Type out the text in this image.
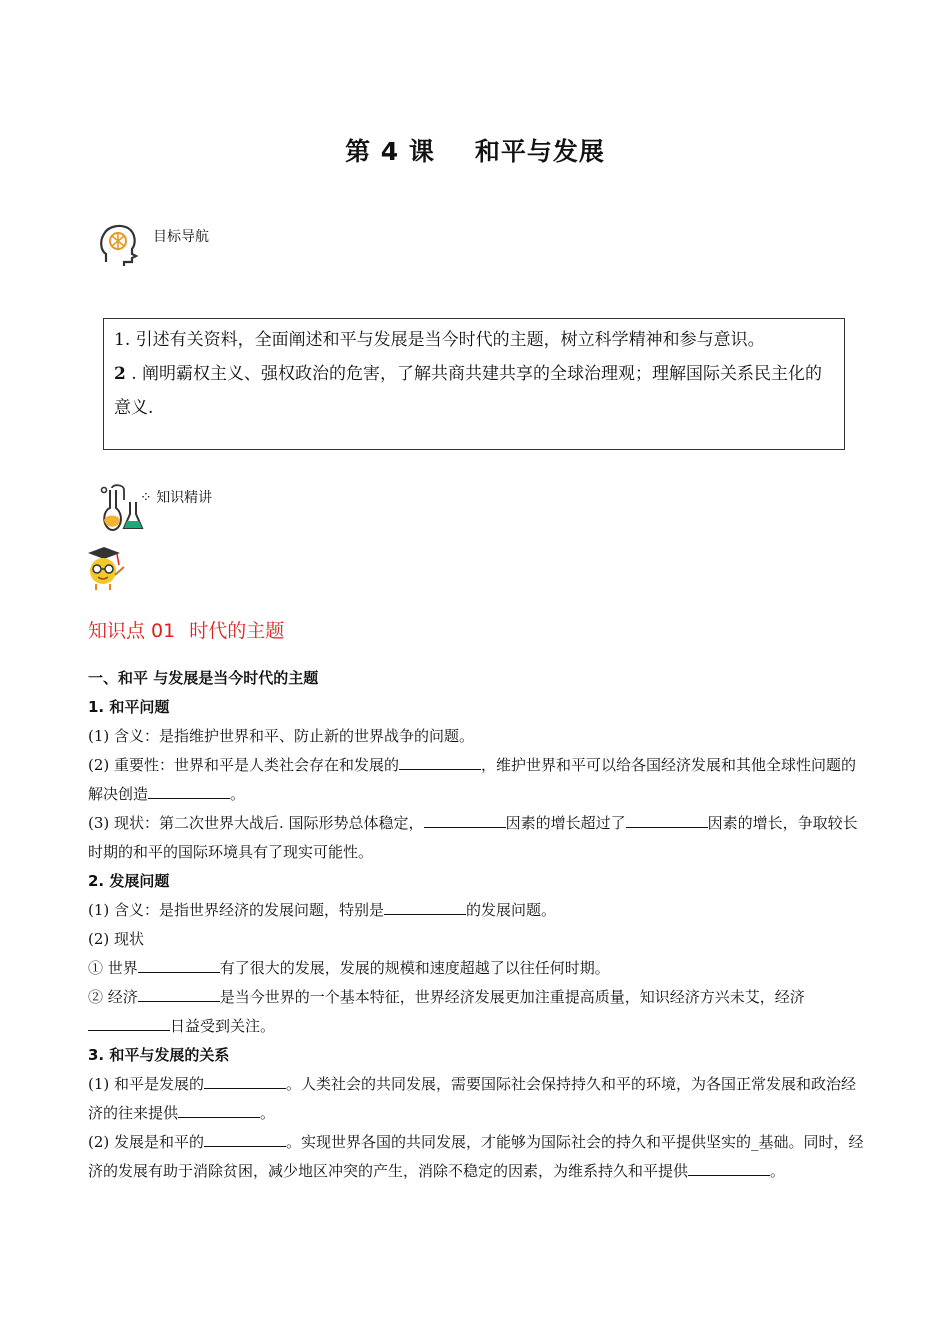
第 4 课 和平与发展
目标导航

1. 引述有关资料，全面阐述和平与发展是当今时代的主题，树立科学精神和参与意识。

2 . 阐明霸权主义、强权政治的危害，了解共商共建共享的全球治理观；理解国际关系民主化的意义.

⁘ 知识精讲
知识点 01 时代的主题

一、和平 与发展是当今时代的主题

1. 和平问题

(1) 含义：是指维护世界和平、防止新的世界战争的问题。

(2) 重要性：世界和平是人类社会存在和发展的	，维护世界和平可以给各国经济发展和其他全球性问题的解决创造	。

(3) 现状：第二次世界大战后. 国际形势总体稳定，	因素的增长超过了	因素的增长，争取较长时期的和平的国际环境具有了现实可能性。

2. 发展问题

(1) 含义：是指世界经济的发展问题，特别是	的发展问题。

(2) 现状

① 世界	有了很大的发展，发展的规模和速度超越了以往任何时期。

② 经济	是当今世界的一个基本特征，世界经济发展更加注重提高质量，知识经济方兴未艾，经济日益受到关注。

3. 和平与发展的关系

(1) 和平是发展的	。人类社会的共同发展，需要国际社会保持持久和平的环境，为各国正常发展和政治经济的往来提供	。

(2) 发展是和平的	。实现世界各国的共同发展，才能够为国际社会的持久和平提供坚实的_基础。同时，经济的发展有助于消除贫困，减少地区冲突的产生，消除不稳定的因素，为维系持久和平提供	。
